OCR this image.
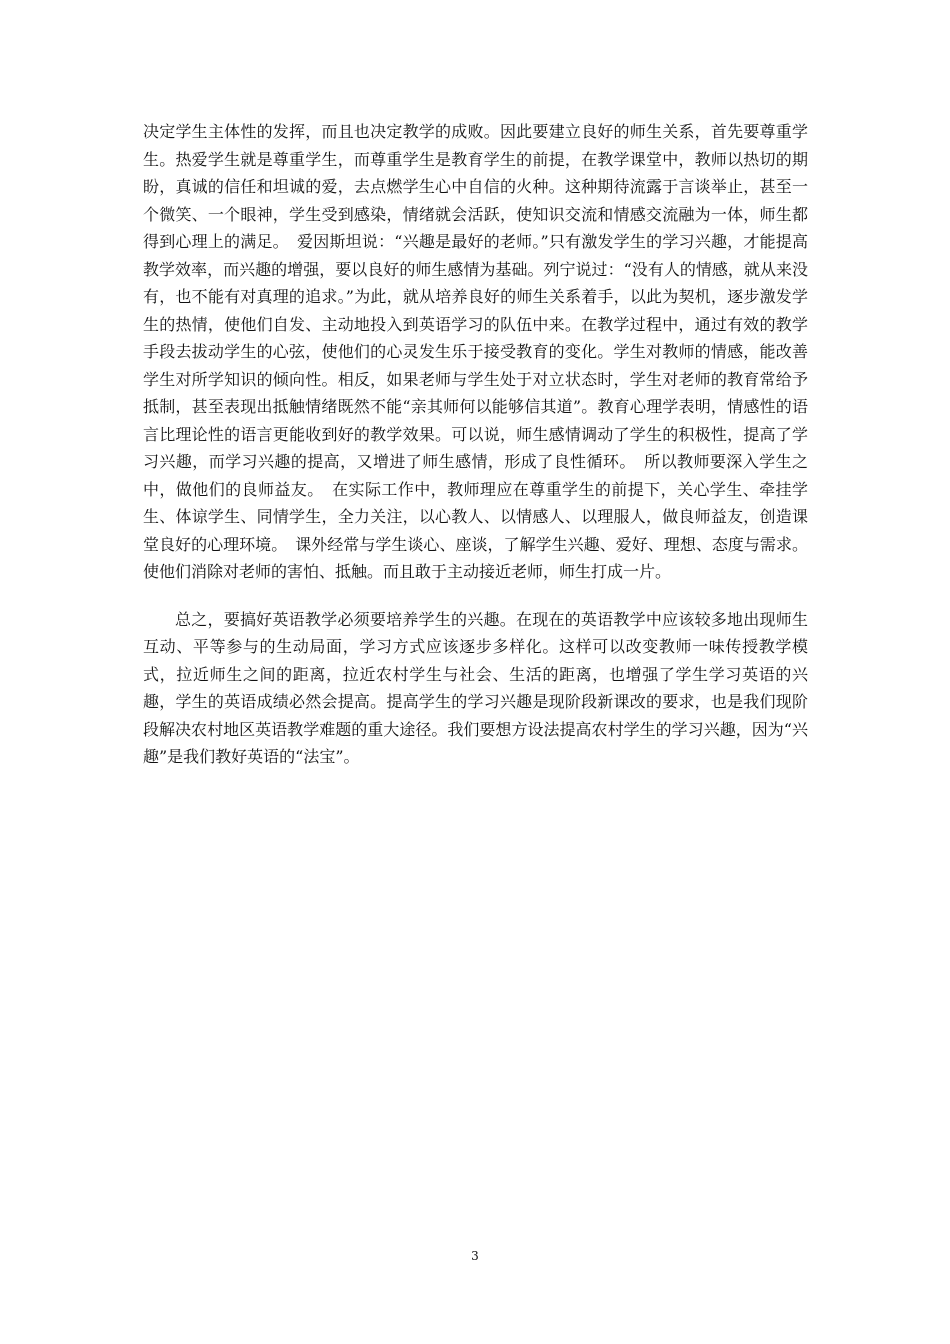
决定学生主体性的发挥，而且也决定教学的成败。因此要建立良好的师生关系，首先要尊重学生。热爱学生就是尊重学生，而尊重学生是教育学生的前提，在教学课堂中，教师以热切的期盼，真诚的信任和坦诚的爱，去点燃学生心中自信的火种。这种期待流露于言谈举止，甚至一个微笑、一个眼神，学生受到感染，情绪就会活跃，使知识交流和情感交流融为一体，师生都得到心理上的满足。　爱因斯坦说：“兴趣是最好的老师。”只有激发学生的学习兴趣，才能提高教学效率，而兴趣的增强，要以良好的师生感情为基础。列宁说过：“没有人的情感，就从来没有，也不能有对真理的追求。”为此，就从培养良好的师生关系着手，以此为契机，逐步激发学生的热情，使他们自发、主动地投入到英语学习的队伍中来。在教学过程中，通过有效的教学手段去拔动学生的心弦，使他们的心灵发生乐于接受教育的变化。学生对教师的情感，能改善学生对所学知识的倾向性。相反，如果老师与学生处于对立状态时，学生对老师的教育常给予抵制，甚至表现出抵触情绪既然不能“亲其师何以能够信其道”。教育心理学表明，情感性的语言比理论性的语言更能收到好的教学效果。可以说，师生感情调动了学生的积极性，提高了学习兴趣，而学习兴趣的提高，又增进了师生感情，形成了良性循环。　所以教师要深入学生之中，做他们的良师益友。　在实际工作中，教师理应在尊重学生的前提下，关心学生、牵挂学生、体谅学生、同情学生，全力关注，以心教人、以情感人、以理服人，做良师益友，创造课堂良好的心理环境。　课外经常与学生谈心、座谈，了解学生兴趣、爱好、理想、态度与需求。使他们消除对老师的害怕、抵触。而且敢于主动接近老师，师生打成一片。

总之，要搞好英语教学必须要培养学生的兴趣。在现在的英语教学中应该较多地出现师生互动、平等参与的生动局面，学习方式应该逐步多样化。这样可以改变教师一味传授教学模式，拉近师生之间的距离，拉近农村学生与社会、生活的距离，也增强了学生学习英语的兴趣，学生的英语成绩必然会提高。提高学生的学习兴趣是现阶段新课改的要求，也是我们现阶段解决农村地区英语教学难题的重大途径。我们要想方设法提高农村学生的学习兴趣，因为“兴趣”是我们教好英语的“法宝”。

3
